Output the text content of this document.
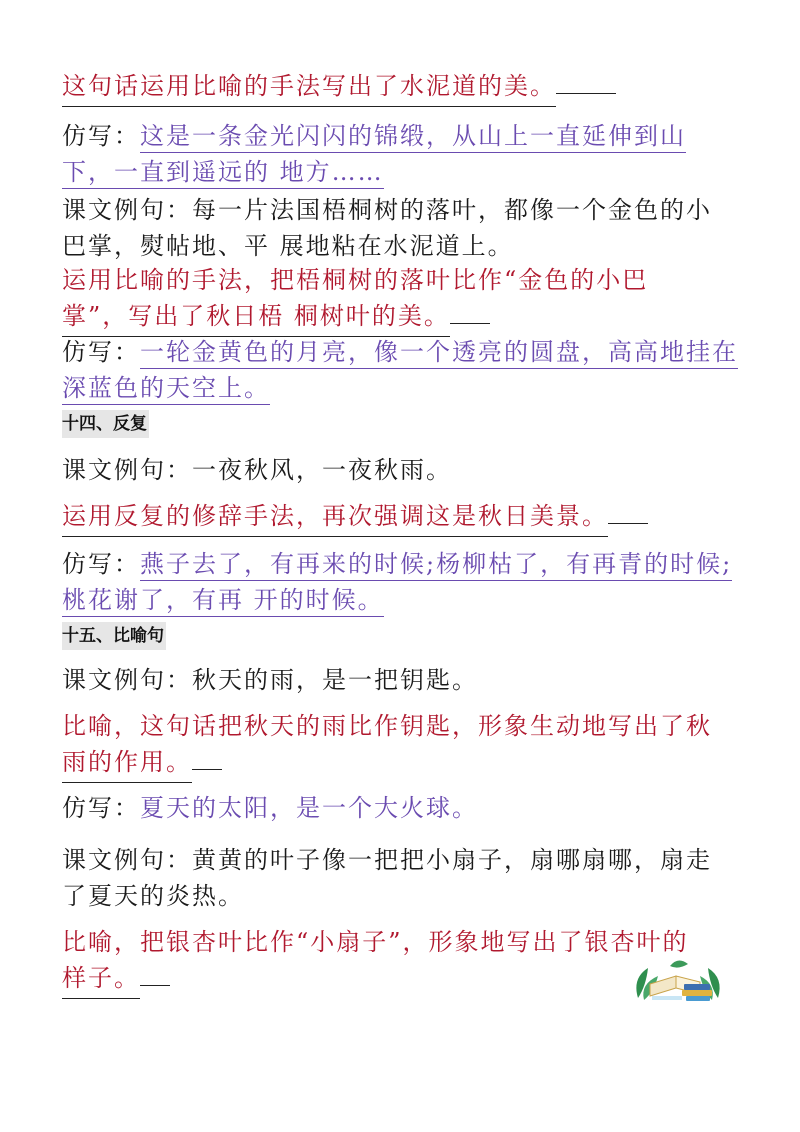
这句话运用比喻的手法写出了水泥道的美。
仿写：这是一条金光闪闪的锦缎，从山上一直延伸到山
下，一直到遥远的 地方……
课文例句：每一片法国梧桐树的落叶，都像一个金色的小
巴掌，熨帖地、平 展地粘在水泥道上。
运用比喻的手法，把梧桐树的落叶比作“金色的小巴
掌”，写出了秋日梧 桐树叶的美。
仿写：一轮金黄色的月亮，像一个透亮的圆盘，高高地挂在
深蓝色的天空上。
十四、反复
课文例句：一夜秋风，一夜秋雨。
运用反复的修辞手法，再次强调这是秋日美景。
仿写：燕子去了，有再来的时候;杨柳枯了，有再青的时候;
桃花谢了，有再 开的时候。
十五、比喻句
课文例句：秋天的雨，是一把钥匙。
比喻，这句话把秋天的雨比作钥匙，形象生动地写出了秋
雨的作用。
仿写：夏天的太阳，是一个大火球。
课文例句：黄黄的叶子像一把把小扇子，扇哪扇哪，扇走
了夏天的炎热。
比喻，把银杏叶比作“小扇子”，形象地写出了银杏叶的
样子。
